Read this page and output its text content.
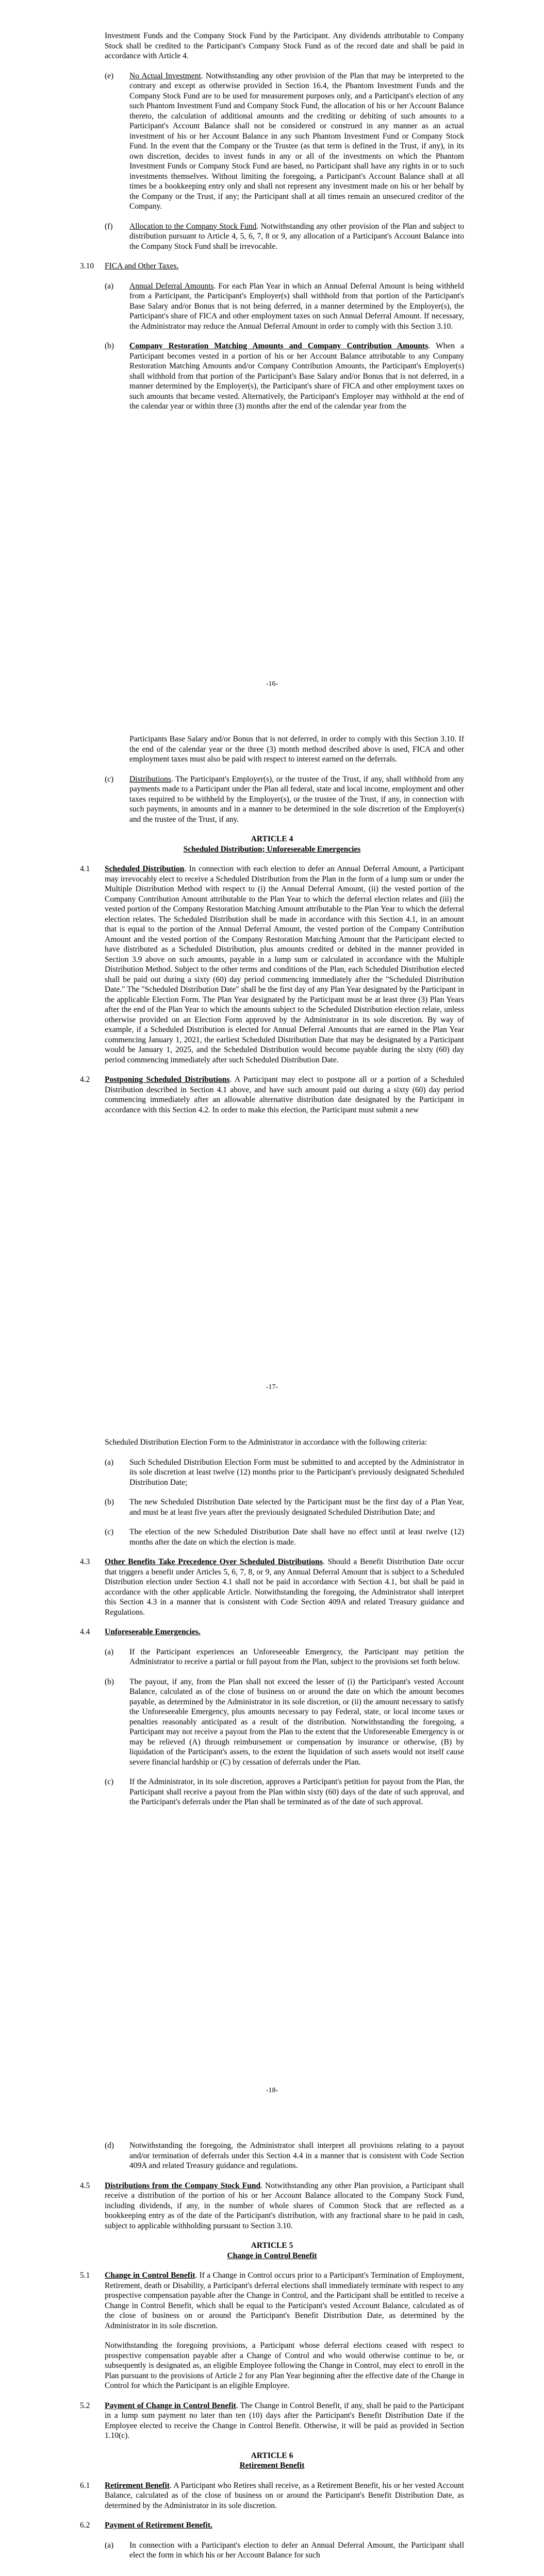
Investment Funds and the Company Stock Fund by the Participant. Any dividends attributable to Company Stock shall be credited to the Participant's Company Stock Fund as of the record date and shall be paid in accordance with Article 4.

(e)	No Actual Investment. Notwithstanding any other provision of the Plan that may be interpreted to the contrary and except as otherwise provided in Section 16.4, the Phantom Investment Funds and the Company Stock Fund are to be used for measurement purposes only, and a Participant's election of any such Phantom Investment Fund and Company Stock Fund, the allocation of his or her Account Balance thereto, the calculation of additional amounts and the crediting or debiting of such amounts to a Participant's Account Balance shall not be considered or construed in any manner as an actual investment of his or her Account Balance in any such Phantom Investment Fund or Company Stock Fund. In the event that the Company or the Trustee (as that term is defined in the Trust, if any), in its own discretion, decides to invest funds in any or all of the investments on which the Phantom Investment Funds or Company Stock Fund are based, no Participant shall have any rights in or to such investments themselves. Without limiting the foregoing, a Participant's Account Balance shall at all times be a bookkeeping entry only and shall not represent any investment made on his or her behalf by the Company or the Trust, if any; the Participant shall at all times remain an unsecured creditor of the Company.
(f)	Allocation to the Company Stock Fund. Notwithstanding any other provision of the Plan and subject to distribution pursuant to Article 4, 5, 6, 7, 8 or 9, any allocation of a Participant's Account Balance into the Company Stock Fund shall be irrevocable.
3.10	FICA and Other Taxes.
(a)	Annual Deferral Amounts. For each Plan Year in which an Annual Deferral Amount is being withheld from a Participant, the Participant's Employer(s) shall withhold from that portion of the Participant's Base Salary and/or Bonus that is not being deferred, in a manner determined by the Employer(s), the Participant's share of FICA and other employment taxes on such Annual Deferral Amount. If necessary, the Administrator may reduce the Annual Deferral Amount in order to comply with this Section 3.10.
(b)	Company Restoration Matching Amounts and Company Contribution Amounts. When a Participant becomes vested in a portion of his or her Account Balance attributable to any Company Restoration Matching Amounts and/or Company Contribution Amounts, the Participant's Employer(s) shall withhold from that portion of the Participant's Base Salary and/or Bonus that is not deferred, in a manner determined by the Employer(s), the Participant's share of FICA and other employment taxes on such amounts that became vested. Alternatively, the Participant's Employer may withhold at the end of the calendar year or within three (3) months after the end of the calendar year from the
-16-

Participants Base Salary and/or Bonus that is not deferred, in order to comply with this Section 3.10. If the end of the calendar year or the three (3) month method described above is used, FICA and other employment taxes must also be paid with respect to interest earned on the deferrals.

(c)	Distributions. The Participant's Employer(s), or the trustee of the Trust, if any, shall withhold from any payments made to a Participant under the Plan all federal, state and local income, employment and other taxes required to be withheld by the Employer(s), or the trustee of the Trust, if any, in connection with such payments, in amounts and in a manner to be determined in the sole discretion of the Employer(s) and the trustee of the Trust, if any.
ARTICLE 4
Scheduled Distribution; Unforeseeable Emergencies
4.1	Scheduled Distribution. In connection with each election to defer an Annual Deferral Amount, a Participant may irrevocably elect to receive a Scheduled Distribution from the Plan in the form of a lump sum or under the Multiple Distribution Method with respect to (i) the Annual Deferral Amount, (ii) the vested portion of the Company Contribution Amount attributable to the Plan Year to which the deferral election relates and (iii) the vested portion of the Company Restoration Matching Amount attributable to the Plan Year to which the deferral election relates. The Scheduled Distribution shall be made in accordance with this Section 4.1, in an amount that is equal to the portion of the Annual Deferral Amount, the vested portion of the Company Contribution Amount and the vested portion of the Company Restoration Matching Amount that the Participant elected to have distributed as a Scheduled Distribution, plus amounts credited or debited in the manner provided in Section 3.9 above on such amounts, payable in a lump sum or calculated in accordance with the Multiple Distribution Method. Subject to the other terms and conditions of the Plan, each Scheduled Distribution elected shall be paid out during a sixty (60) day period commencing immediately after the "Scheduled Distribution Date." The "Scheduled Distribution Date" shall be the first day of any Plan Year designated by the Participant in the applicable Election Form. The Plan Year designated by the Participant must be at least three (3) Plan Years after the end of the Plan Year to which the amounts subject to the Scheduled Distribution election relate, unless otherwise provided on an Election Form approved by the Administrator in its sole discretion. By way of example, if a Scheduled Distribution is elected for Annual Deferral Amounts that are earned in the Plan Year commencing January 1, 2021, the earliest Scheduled Distribution Date that may be designated by a Participant would be January 1, 2025, and the Scheduled Distribution would become payable during the sixty (60) day period commencing immediately after such Scheduled Distribution Date.
4.2	Postponing Scheduled Distributions. A Participant may elect to postpone all or a portion of a Scheduled Distribution described in Section 4.1 above, and have such amount paid out during a sixty (60) day period commencing immediately after an allowable alternative distribution date designated by the Participant in accordance with this Section 4.2. In order to make this election, the Participant must submit a new
-17-

Scheduled Distribution Election Form to the Administrator in accordance with the following criteria:

(a)	Such Scheduled Distribution Election Form must be submitted to and accepted by the Administrator in its sole discretion at least twelve (12) months prior to the Participant's previously designated Scheduled Distribution Date;
(b)	The new Scheduled Distribution Date selected by the Participant must be the first day of a Plan Year, and must be at least five years after the previously designated Scheduled Distribution Date; and
(c)	The election of the new Scheduled Distribution Date shall have no effect until at least twelve (12) months after the date on which the election is made.
4.3	Other Benefits Take Precedence Over Scheduled Distributions. Should a Benefit Distribution Date occur that triggers a benefit under Articles 5, 6, 7, 8, or 9, any Annual Deferral Amount that is subject to a Scheduled Distribution election under Section 4.1 shall not be paid in accordance with Section 4.1, but shall be paid in accordance with the other applicable Article. Notwithstanding the foregoing, the Administrator shall interpret this Section 4.3 in a manner that is consistent with Code Section 409A and related Treasury guidance and Regulations.
4.4	Unforeseeable Emergencies.
(a)	If the Participant experiences an Unforeseeable Emergency, the Participant may petition the Administrator to receive a partial or full payout from the Plan, subject to the provisions set forth below.
(b)	The payout, if any, from the Plan shall not exceed the lesser of (i) the Participant's vested Account Balance, calculated as of the close of business on or around the date on which the amount becomes payable, as determined by the Administrator in its sole discretion, or (ii) the amount necessary to satisfy the Unforeseeable Emergency, plus amounts necessary to pay Federal, state, or local income taxes or penalties reasonably anticipated as a result of the distribution. Notwithstanding the foregoing, a Participant may not receive a payout from the Plan to the extent that the Unforeseeable Emergency is or may be relieved (A) through reimbursement or compensation by insurance or otherwise, (B) by liquidation of the Participant's assets, to the extent the liquidation of such assets would not itself cause severe financial hardship or (C) by cessation of deferrals under the Plan.
(c)	If the Administrator, in its sole discretion, approves a Participant's petition for payout from the Plan, the Participant shall receive a payout from the Plan within sixty (60) days of the date of such approval, and the Participant's deferrals under the Plan shall be terminated as of the date of such approval.
-18-
(d)	Notwithstanding the foregoing, the Administrator shall interpret all provisions relating to a payout and/or termination of deferrals under this Section 4.4 in a manner that is consistent with Code Section 409A and related Treasury guidance and regulations.
4.5	Distributions from the Company Stock Fund. Notwithstanding any other Plan provision, a Participant shall receive a distribution of the portion of his or her Account Balance allocated to the Company Stock Fund, including dividends, if any, in the number of whole shares of Common Stock that are reflected as a bookkeeping entry as of the date of the Participant's distribution, with any fractional share to be paid in cash, subject to applicable withholding pursuant to Section 3.10.
ARTICLE 5
Change in Control Benefit
5.1	Change in Control Benefit. If a Change in Control occurs prior to a Participant's Termination of Employment, Retirement, death or Disability, a Participant's deferral elections shall immediately terminate with respect to any prospective compensation payable after the Change in Control, and the Participant shall be entitled to receive a Change in Control Benefit, which shall be equal to the Participant's vested Account Balance, calculated as of the close of business on or around the Participant's Benefit Distribution Date, as determined by the Administrator in its sole discretion.

Notwithstanding the foregoing provisions, a Participant whose deferral elections ceased with respect to prospective compensation payable after a Change of Control and who would otherwise continue to be, or subsequently is designated as, an eligible Employee following the Change in Control, may elect to enroll in the Plan pursuant to the provisions of Article 2 for any Plan Year beginning after the effective date of the Change in Control for which the Participant is an eligible Employee.

5.2	Payment of Change in Control Benefit. The Change in Control Benefit, if any, shall be paid to the Participant in a lump sum payment no later than ten (10) days after the Participant's Benefit Distribution Date if the Employee elected to receive the Change in Control Benefit. Otherwise, it will be paid as provided in Section 1.10(c).
ARTICLE 6
Retirement Benefit
6.1	Retirement Benefit. A Participant who Retires shall receive, as a Retirement Benefit, his or her vested Account Balance, calculated as of the close of business on or around the Participant's Benefit Distribution Date, as determined by the Administrator in its sole discretion.
6.2	Payment of Retirement Benefit.
(a)	In connection with a Participant's election to defer an Annual Deferral Amount, the Participant shall elect the form in which his or her Account Balance for such
